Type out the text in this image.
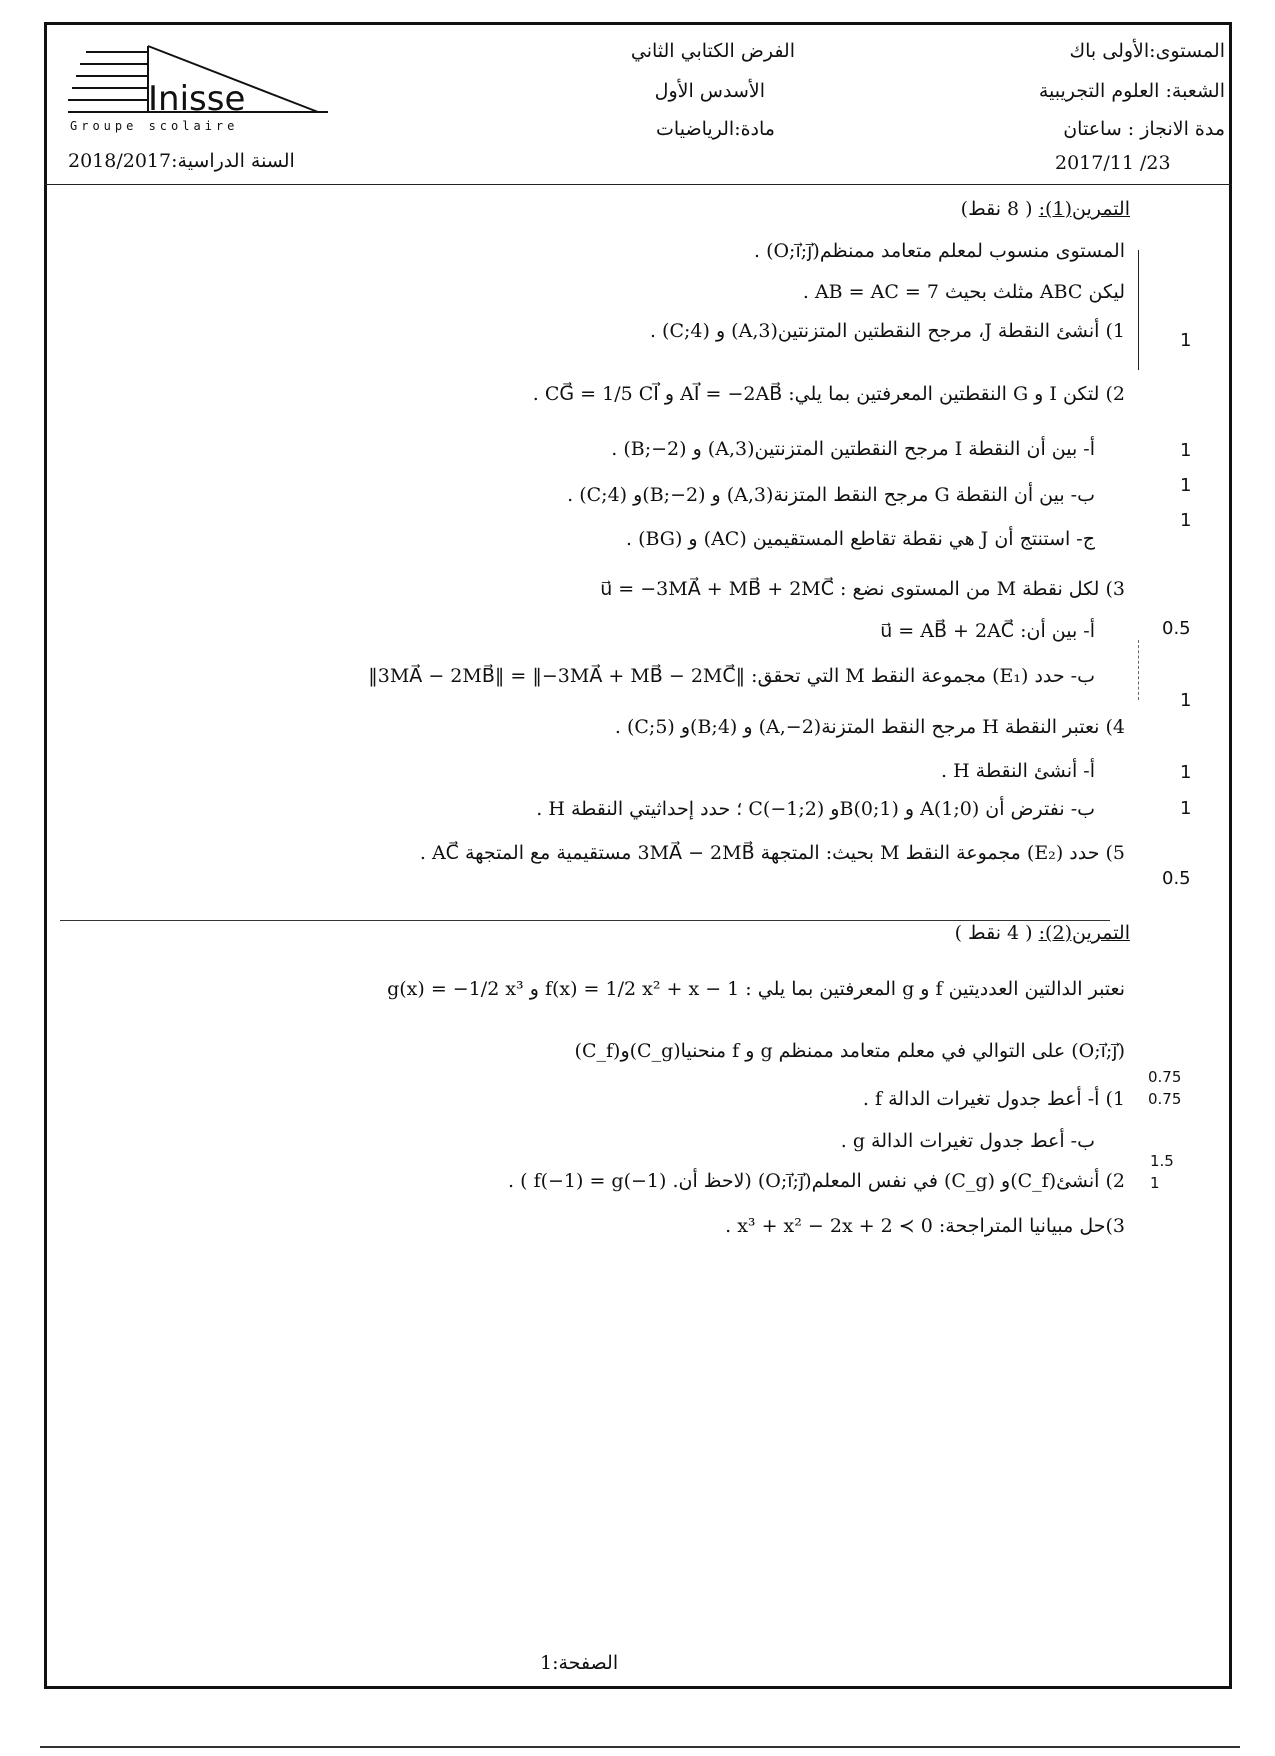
Inisse
Groupe scolaire
المستوى:الأولى باك
الشعبة: العلوم التجريبية
مدة الانجاز : ساعتان
2017/11 /23
الفرض الكتابي الثاني
الأسدس الأول
مادة:الرياضيات
السنة الدراسية:2018/2017
التمرين(1): ( 8 نقط)
المستوى منسوب لمعلم متعامد ممنظم(O;i⃗;j⃗) .
ليكن ABC مثلث بحيث AB = AC = 7 .
1) أنشئ النقطة J، مرجح النقطتين المتزنتين(A,3) و (C;4) .
2) لتكن I و G النقطتين المعرفتين بما يلي: AI⃗ = −2AB⃗ و CG⃗ = 1/5 CI⃗ .
أ- بين أن النقطة I مرجح النقطتين المتزنتين(A,3) و (B;−2) .
ب- بين أن النقطة G مرجح النقط المتزنة(A,3) و (B;−2)و (C;4) .
ج- استنتج أن J هي نقطة تقاطع المستقيمين (AC) و (BG) .
3) لكل نقطة M من المستوى نضع : u⃗ = −3MA⃗ + MB⃗ + 2MC⃗
أ- بين أن: u⃗ = AB⃗ + 2AC⃗
ب- حدد (E₁) مجموعة النقط M التي تحقق: ‖3MA⃗ − 2MB⃗‖ = ‖−3MA⃗ + MB⃗ − 2MC⃗‖
4) نعتبر النقطة H مرجح النقط المتزنة(A,−2) و (B;4)و (C;5) .
أ- أنشئ النقطة H .
ب- نفترض أن A(1;0) و B(0;1)و C(−1;2) ؛ حدد إحداثيتي النقطة H .
5) حدد (E₂) مجموعة النقط M بحيث: المتجهة 3MA⃗ − 2MB⃗ مستقيمية مع المتجهة AC⃗ .
1
1
1
1
0.5
1
1
1
0.5
التمرين(2): ( 4 نقط )
نعتبر الدالتين العدديتين f و g المعرفتين بما يلي : f(x) = 1/2 x² + x − 1 و g(x) = −1/2 x³
(C_f)و(C_g)منحنيا f و g على التوالي في معلم متعامد ممنظم (O;i⃗;j⃗)
1) أ- أعط جدول تغيرات الدالة f .
ب- أعط جدول تغيرات الدالة g .
2) أنشئ(C_f)و (C_g) في نفس المعلم(O;i⃗;j⃗) (لاحظ أن. f(−1) = g(−1) ) .
3)حل مبيانيا المتراجحة: x³ + x² − 2x + 2 ≺ 0 .
0.75
0.75
1.5
1
الصفحة:1
